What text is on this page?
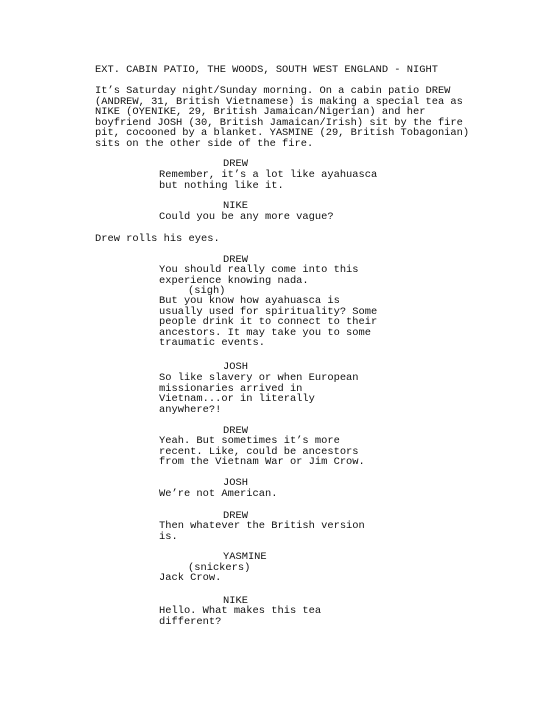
EXT. CABIN PATIO, THE WOODS, SOUTH WEST ENGLAND - NIGHT
It’s Saturday night/Sunday morning. On a cabin patio DREW
(ANDREW, 31, British Vietnamese) is making a special tea as
NIKE (OYENIKE, 29, British Jamaican/Nigerian) and her
boyfriend JOSH (30, British Jamaican/Irish) sit by the fire
pit, cocooned by a blanket. YASMINE (29, British Tobagonian)
sits on the other side of the fire.
DREW
Remember, it’s a lot like ayahuasca
but nothing like it.
NIKE
Could you be any more vague?
Drew rolls his eyes.
DREW
You should really come into this
experience knowing nada.
(sigh)
But you know how ayahuasca is
usually used for spirituality? Some
people drink it to connect to their
ancestors. It may take you to some
traumatic events.
JOSH
So like slavery or when European
missionaries arrived in
Vietnam...or in literally
anywhere?!
DREW
Yeah. But sometimes it’s more
recent. Like, could be ancestors
from the Vietnam War or Jim Crow.
JOSH
We’re not American.
DREW
Then whatever the British version
is.
YASMINE
(snickers)
Jack Crow.
NIKE
Hello. What makes this tea
different?
